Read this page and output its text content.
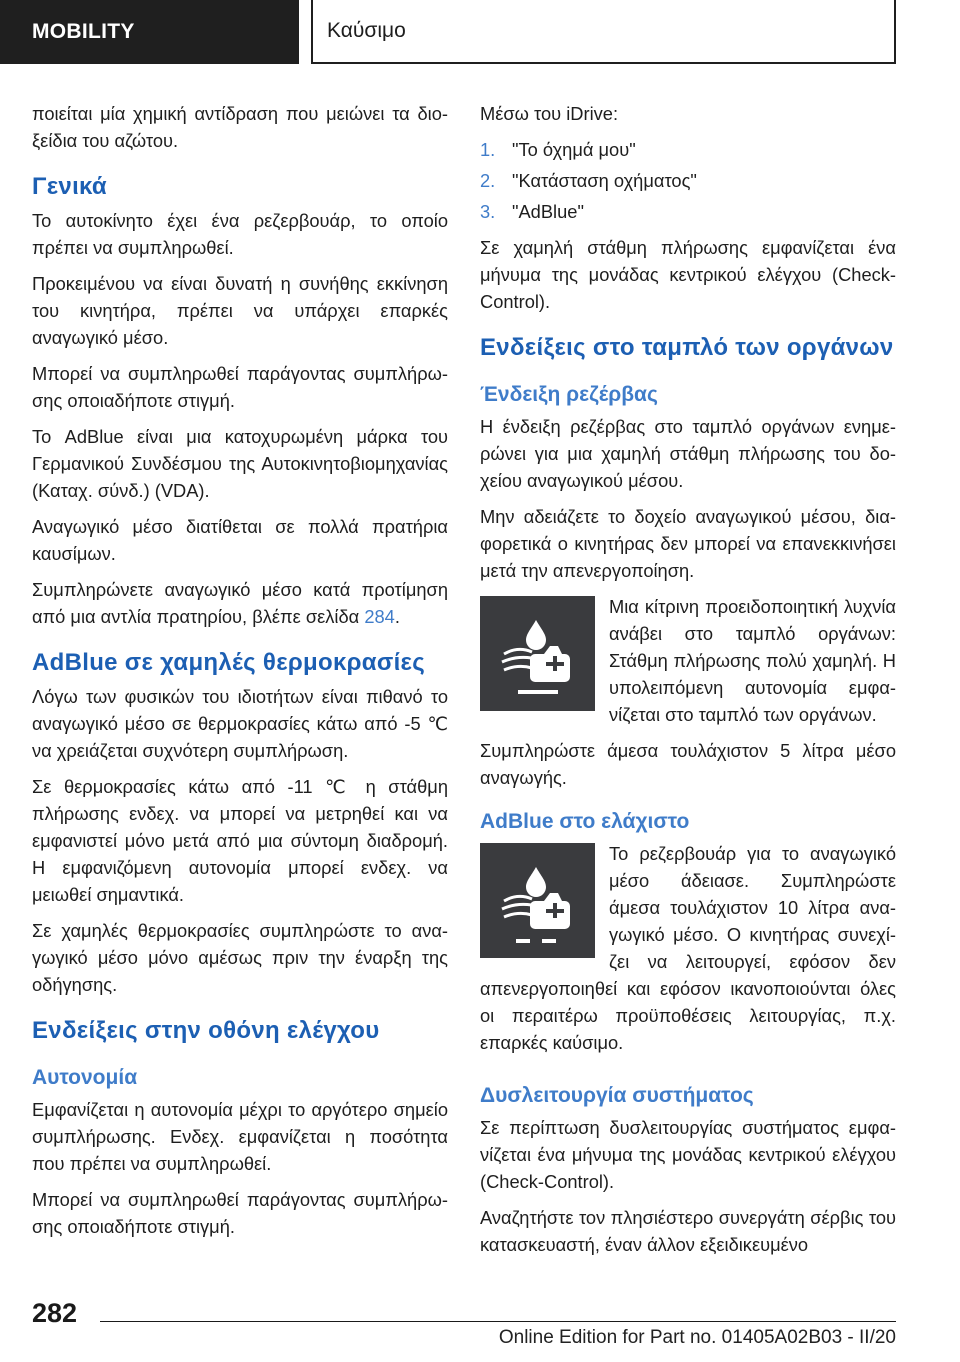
MOBILITY	Καύσιμο

ποιείται μία χημική αντίδραση που μειώνει τα διοξείδια του αζώτου.

Γενικά

Το αυτοκίνητο έχει ένα ρεζερβουάρ, το οποίο πρέπει να συμπληρωθεί.

Προκειμένου να είναι δυνατή η συνήθης εκκίνηση του κινητήρα, πρέπει να υπάρχει επαρκές αναγωγικό μέσο.

Μπορεί να συμπληρωθεί παράγοντας συμπλήρωσης οποιαδήποτε στιγμή.

Το AdBlue είναι μια κατοχυρωμένη μάρκα του Γερμανικού Συνδέσμου της Αυτοκινητοβιομηχανίας (Καταχ. σύνδ.) (VDA).

Αναγωγικό μέσο διατίθεται σε πολλά πρατήρια καυσίμων.

Συμπληρώνετε αναγωγικό μέσο κατά προτίμηση από μια αντλία πρατηρίου, βλέπε σελίδα 284.

AdBlue σε χαμηλές θερμοκρασίες

Λόγω των φυσικών του ιδιοτήτων είναι πιθανό το αναγωγικό μέσο σε θερμοκρασίες κάτω από -5 ℃ να χρειάζεται συχνότερη συμπλήρωση.

Σε θερμοκρασίες κάτω από -11 ℃ η στάθμη πλήρωσης ενδεχ. να μπορεί να μετρηθεί και να εμφανιστεί μόνο μετά από μια σύντομη διαδρομή. Η εμφανιζόμενη αυτονομία μπορεί ενδεχ. να μειωθεί σημαντικά.

Σε χαμηλές θερμοκρασίες συμπληρώστε το αναγωγικό μέσο μόνο αμέσως πριν την έναρξη της οδήγησης.

Ενδείξεις στην οθόνη ελέγχου
Αυτονομία

Εμφανίζεται η αυτονομία μέχρι το αργότερο σημείο συμπλήρωσης. Ενδεχ. εμφανίζεται η ποσότητα που πρέπει να συμπληρωθεί.

Μπορεί να συμπληρωθεί παράγοντας συμπλήρωσης οποιαδήποτε στιγμή.

Μέσω του iDrive:

1. "Το όχημά μου"
2. "Κατάσταση οχήματος"
3. "AdBlue"

Σε χαμηλή στάθμη πλήρωσης εμφανίζεται ένα μήνυμα της μονάδας κεντρικού ελέγχου (Check-Control).

Ενδείξεις στο ταμπλό των οργάνων
Ένδειξη ρεζέρβας

Η ένδειξη ρεζέρβας στο ταμπλό οργάνων ενημερώνει για μια χαμηλή στάθμη πλήρωσης του δοχείου αναγωγικού μέσου.

Μην αδειάζετε το δοχείο αναγωγικού μέσου, διαφορετικά ο κινητήρας δεν μπορεί να επανεκκινήσει μετά την απενεργοποίηση.

Μια κίτρινη προειδοποιητική λυχνία ανάβει στο ταμπλό οργάνων: Στάθμη πλήρωσης πολύ χαμηλή. Η υπολειπόμενη αυτονομία εμφανίζεται στο ταμπλό των οργάνων.

Συμπληρώστε άμεσα τουλάχιστον 5 λίτρα μέσο αναγωγής.

AdBlue στο ελάχιστο

Το ρεζερβουάρ για το αναγωγικό μέσο άδειασε. Συμπληρώστε άμεσα τουλάχιστον 10 λίτρα αναγωγικό μέσο. Ο κινητήρας συνεχίζει να λειτουργεί, εφόσον δεν απενεργοποιηθεί και εφόσον ικανοποιούνται όλες οι περαιτέρω προϋποθέσεις λειτουργίας, π.χ. επαρκές καύσιμο.

Δυσλειτουργία συστήματος

Σε περίπτωση δυσλειτουργίας συστήματος εμφανίζεται ένα μήνυμα της μονάδας κεντρικού ελέγχου (Check-Control).

Αναζητήστε τον πλησιέστερο συνεργάτη σέρβις του κατασκευαστή, έναν άλλον εξειδικευμένο

282
Online Edition for Part no. 01405A02B03 - II/20
